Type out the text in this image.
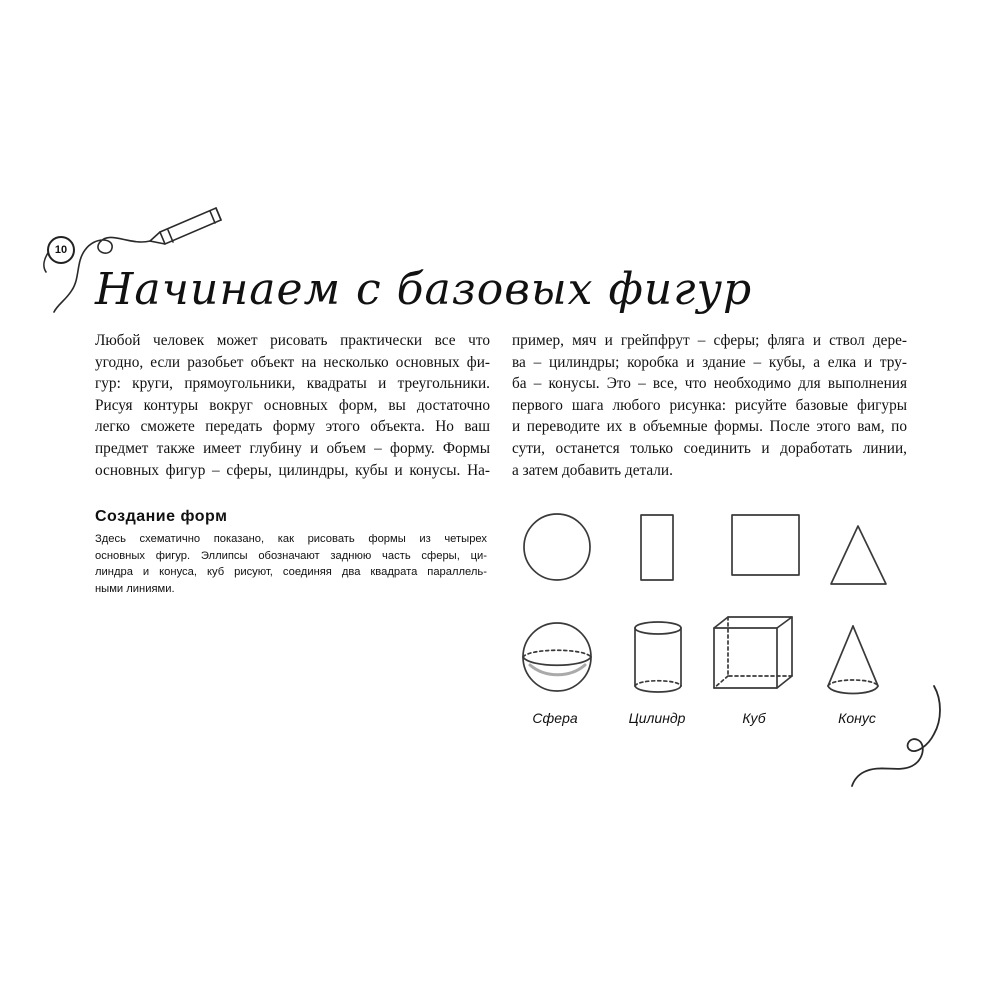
10
Начинаем с базовых фигур
Любой человек может рисовать практически все что
угодно, если разобьет объект на несколько основных фи-
гур: круги, прямоугольники, квадраты и треугольники.
Рисуя контуры вокруг основных форм, вы достаточно
легко сможете передать форму этого объекта. Но ваш
предмет также имеет глубину и объем – форму. Формы
основных фигур – сферы, цилиндры, кубы и конусы. На-
пример, мяч и грейпфрут – сферы; фляга и ствол дере-
ва – цилиндры; коробка и здание – кубы, а елка и тру-
ба – конусы. Это – все, что необходимо для выполнения
первого шага любого рисунка: рисуйте базовые фигуры
и переводите их в объемные формы. После этого вам, по
сути, останется только соединить и доработать линии,
а затем добавить детали.
Создание форм
Здесь схематично показано, как рисовать формы из четырех
основных фигур. Эллипсы обозначают заднюю часть сферы, ци-
линдра и конуса, куб рисуют, соединяя два квадрата параллель-
ными линиями.
Сфера	Цилиндр	Куб	Конус
